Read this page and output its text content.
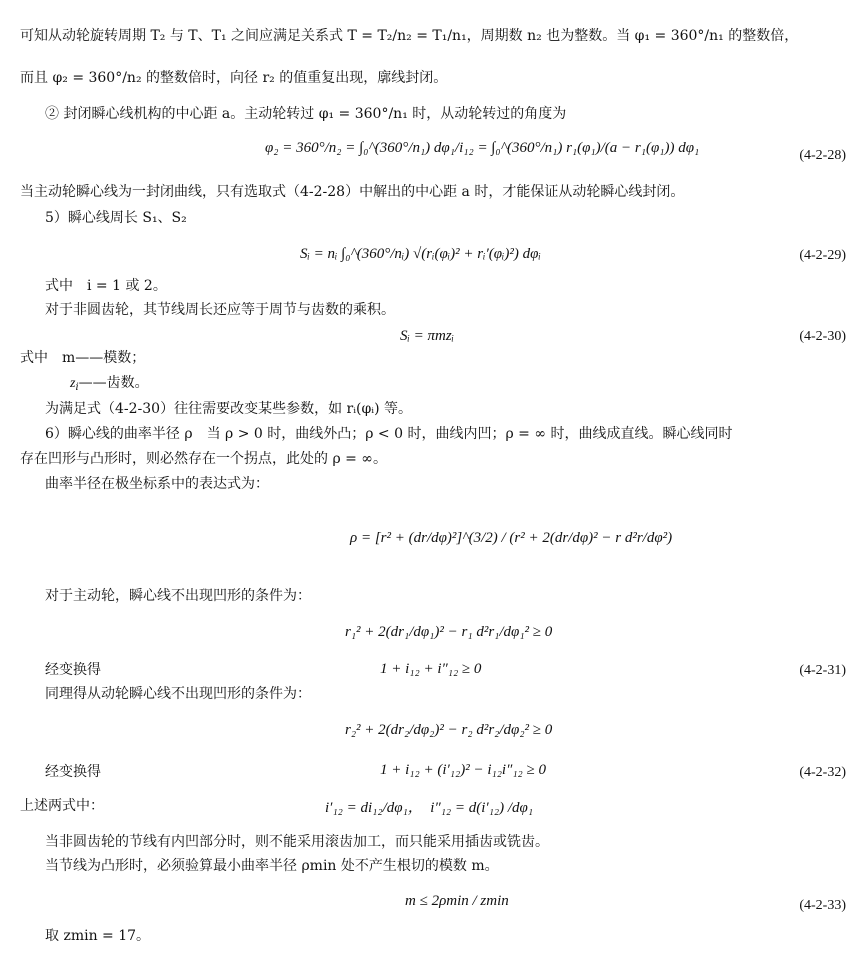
可知从动轮旋转周期 T₂ 与 T、T₁ 之间应满足关系式 T = T₂/n₂ = T₁/n₁，周期数 n₂ 也为整数。当 φ₁ = 360°/n₁ 的整数倍，
而且 φ₂ = 360°/n₂ 的整数倍时，向径 r₂ 的值重复出现，廓线封闭。
② 封闭瞬心线机构的中心距 a。主动轮转过 φ₁ = 360°/n₁ 时，从动轮转过的角度为
φ₂ = 360°/n₂ = ∫₀^(360°/n₁) dφ₁/i₁₂ = ∫₀^(360°/n₁) r₁(φ₁)/(a − r₁(φ₁)) dφ₁	(4-2-28)
当主动轮瞬心线为一封闭曲线，只有选取式（4-2-28）中解出的中心距 a 时，才能保证从动轮瞬心线封闭。
5）瞬心线周长 S₁、S₂
Sᵢ = nᵢ ∫₀^(360°/nᵢ) √(rᵢ(φᵢ)² + rᵢ′(φᵢ)²) dφᵢ	(4-2-29)
式中　i = 1 或 2。
对于非圆齿轮，其节线周长还应等于周节与齿数的乘积。
Sᵢ = πmzᵢ	(4-2-30)
式中　m——模数；
$z_i——$齿数。
为满足式（4-2-30）往往需要改变某些参数，如 rᵢ(φᵢ) 等。
6）瞬心线的曲率半径 ρ　当 ρ > 0 时，曲线外凸；ρ < 0 时，曲线内凹；ρ = ∞ 时，曲线成直线。瞬心线同时
存在凹形与凸形时，则必然存在一个拐点，此处的 ρ = ∞。
曲率半径在极坐标系中的表达式为：
ρ = [r² + (dr/dφ)²]^(3/2) / (r² + 2(dr/dφ)² − r d²r/dφ²)
对于主动轮，瞬心线不出现凹形的条件为：
r₁² + 2(dr₁/dφ₁)² − r₁ d²r₁/dφ₁² ≥ 0
经变换得	1 + i₁₂ + i″₁₂ ≥ 0	(4-2-31)
同理得从动轮瞬心线不出现凹形的条件为：
r₂² + 2(dr₂/dφ₂)² − r₂ d²r₂/dφ₂² ≥ 0
经变换得	1 + i₁₂ + (i′₁₂)² − i₁₂i″₁₂ ≥ 0	(4-2-32)
上述两式中：	i′₁₂ = di₁₂/dφ₁，　i″₁₂ = d(i′₁₂) /dφ₁
当非圆齿轮的节线有内凹部分时，则不能采用滚齿加工，而只能采用插齿或铣齿。
当节线为凸形时，必须验算最小曲率半径 ρmin 处不产生根切的模数 m。
m ≤ 2ρmin / zmin	(4-2-33)
取 zmin = 17。
